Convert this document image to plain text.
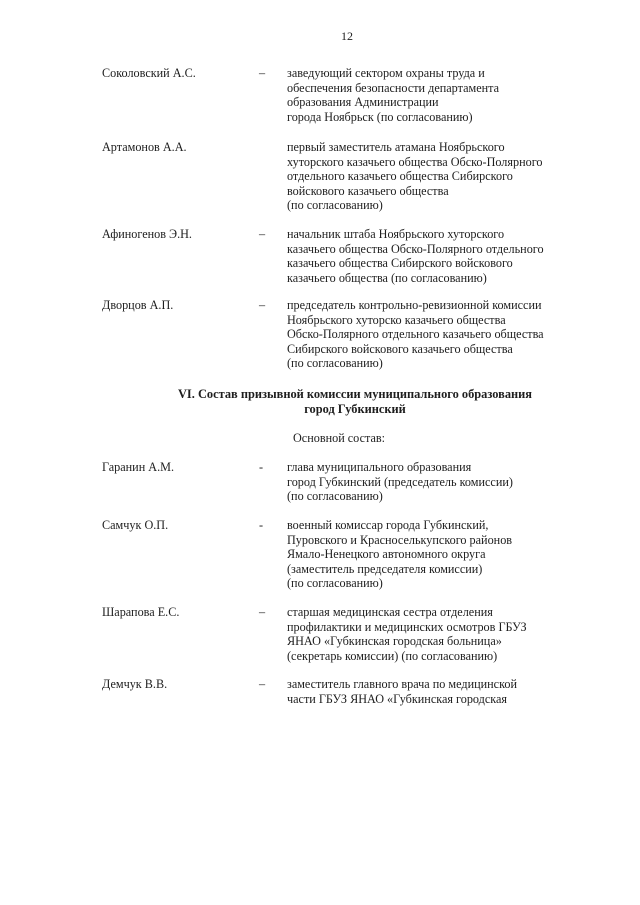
12
Соколовский А.С.	– заведующий сектором охраны труда и
обеспечения безопасности департамента
образования Администрации
города Ноябрьск (по согласованию)
Артамонов А.А.	первый заместитель атамана Ноябрьского
хуторского казачьего общества Обско-Полярного
отдельного казачьего общества Сибирского
войскового казачьего общества
(по согласованию)
Афиногенов Э.Н.	– начальник штаба Ноябрьского хуторского
казачьего общества Обско-Полярного отдельного
казачьего общества Сибирского войскового
казачьего общества (по согласованию)
Дворцов А.П.	– председатель контрольно-ревизионной комиссии
Ноябрьского хуторско казачьего общества
Обско-Полярного отдельного казачьего общества
Сибирского войскового казачьего общества
(по согласованию)
VI. Состав призывной комиссии муниципального образования
город Губкинский
Основной состав:
Гаранин А.М.	- глава муниципального образования
город Губкинский (председатель комиссии)
(по согласованию)
Самчук О.П.	- военный комиссар города Губкинский,
Пуровского и Красноселькупского районов
Ямало-Ненецкого автономного округа
(заместитель председателя комиссии)
(по согласованию)
Шарапова Е.С.	– старшая медицинская сестра отделения
профилактики и медицинских осмотров ГБУЗ
ЯНАО «Губкинская городская больница»
(секретарь комиссии) (по согласованию)
Демчук В.В.	– заместитель главного врача по медицинской
части ГБУЗ ЯНАО «Губкинская городская
